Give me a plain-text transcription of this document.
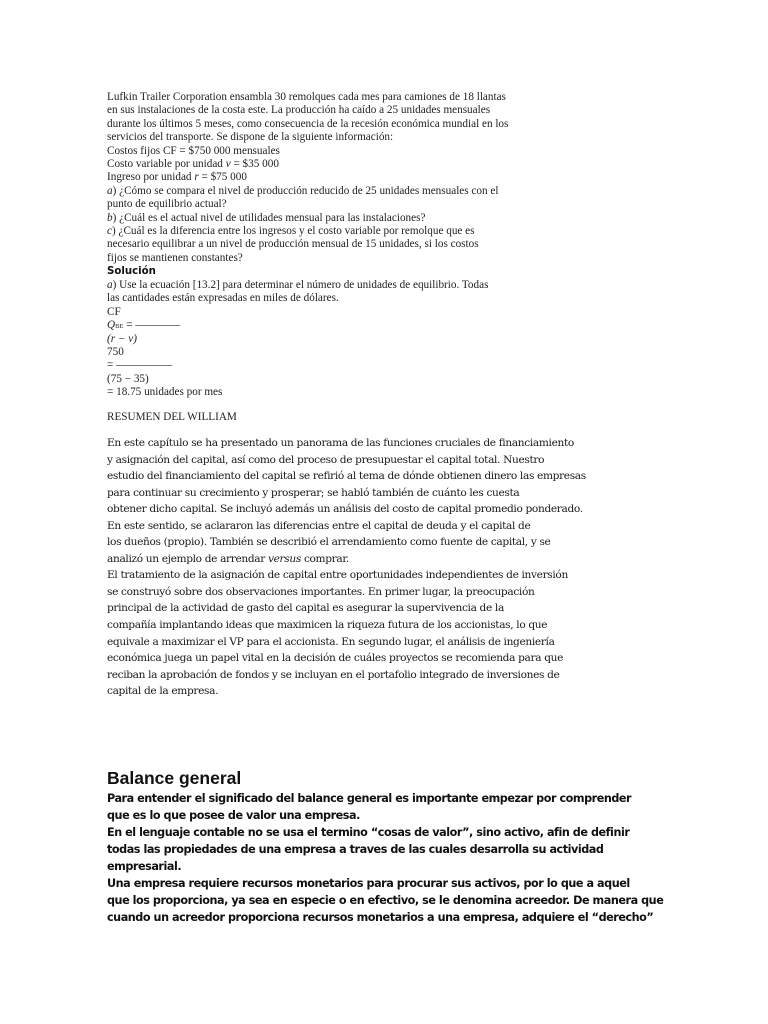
Lufkin Trailer Corporation ensambla 30 remolques cada mes para camiones de 18 llantas
en sus instalaciones de la costa este. La producción ha caído a 25 unidades mensuales
durante los últimos 5 meses, como consecuencia de la recesión económica mundial en los
servicios del transporte. Se dispone de la siguiente información:
Costos fijos CF = $750 000 mensuales
Costo variable por unidad v = $35 000
Ingreso por unidad r = $75 000
a) ¿Cómo se compara el nivel de producción reducido de 25 unidades mensuales con el
punto de equilibrio actual?
b) ¿Cuál es el actual nivel de utilidades mensual para las instalaciones?
c) ¿Cuál es la diferencia entre los ingresos y el costo variable por remolque que es
necesario equilibrar a un nivel de producción mensual de 15 unidades, si los costos
fijos se mantienen constantes?
Solución
a) Use la ecuación [13.2] para determinar el número de unidades de equilibrio. Todas
las cantidades están expresadas en miles de dólares.
CF
QBE = ————
(r − v)
750
= —————
(75 − 35)
= 18.75 unidades por mes
RESUMEN DEL WILLIAM
En este capítulo se ha presentado un panorama de las funciones cruciales de financiamiento
y asignación del capital, así como del proceso de presupuestar el capital total. Nuestro
estudio del financiamiento del capital se refirió al tema de dónde obtienen dinero las empresas
para continuar su crecimiento y prosperar; se habló también de cuánto les cuesta
obtener dicho capital. Se incluyó además un análisis del costo de capital promedio ponderado.
En este sentido, se aclararon las diferencias entre el capital de deuda y el capital de
los dueños (propio). También se describió el arrendamiento como fuente de capital, y se
analizó un ejemplo de arrendar versus comprar.
El tratamiento de la asignación de capital entre oportunidades independientes de inversión
se construyó sobre dos observaciones importantes. En primer lugar, la preocupación
principal de la actividad de gasto del capital es asegurar la supervivencia de la
compañía implantando ideas que maximicen la riqueza futura de los accionistas, lo que
equivale a maximizar el VP para el accionista. En segundo lugar, el análisis de ingeniería
económica juega un papel vital en la decisión de cuáles proyectos se recomienda para que
reciban la aprobación de fondos y se incluyan en el portafolio integrado de inversiones de
capital de la empresa.
Balance general
Para entender el significado del balance general es importante empezar por comprender
que es lo que posee de valor una empresa.
En el lenguaje contable no se usa el termino “cosas de valor”, sino activo, afin de definir
todas las propiedades de una empresa a traves de las cuales desarrolla su actividad
empresarial.
Una empresa requiere recursos monetarios para procurar sus activos, por lo que a aquel
que los proporciona, ya sea en especie o en efectivo, se le denomina acreedor. De manera que
cuando un acreedor proporciona recursos monetarios a una empresa, adquiere el “derecho”
